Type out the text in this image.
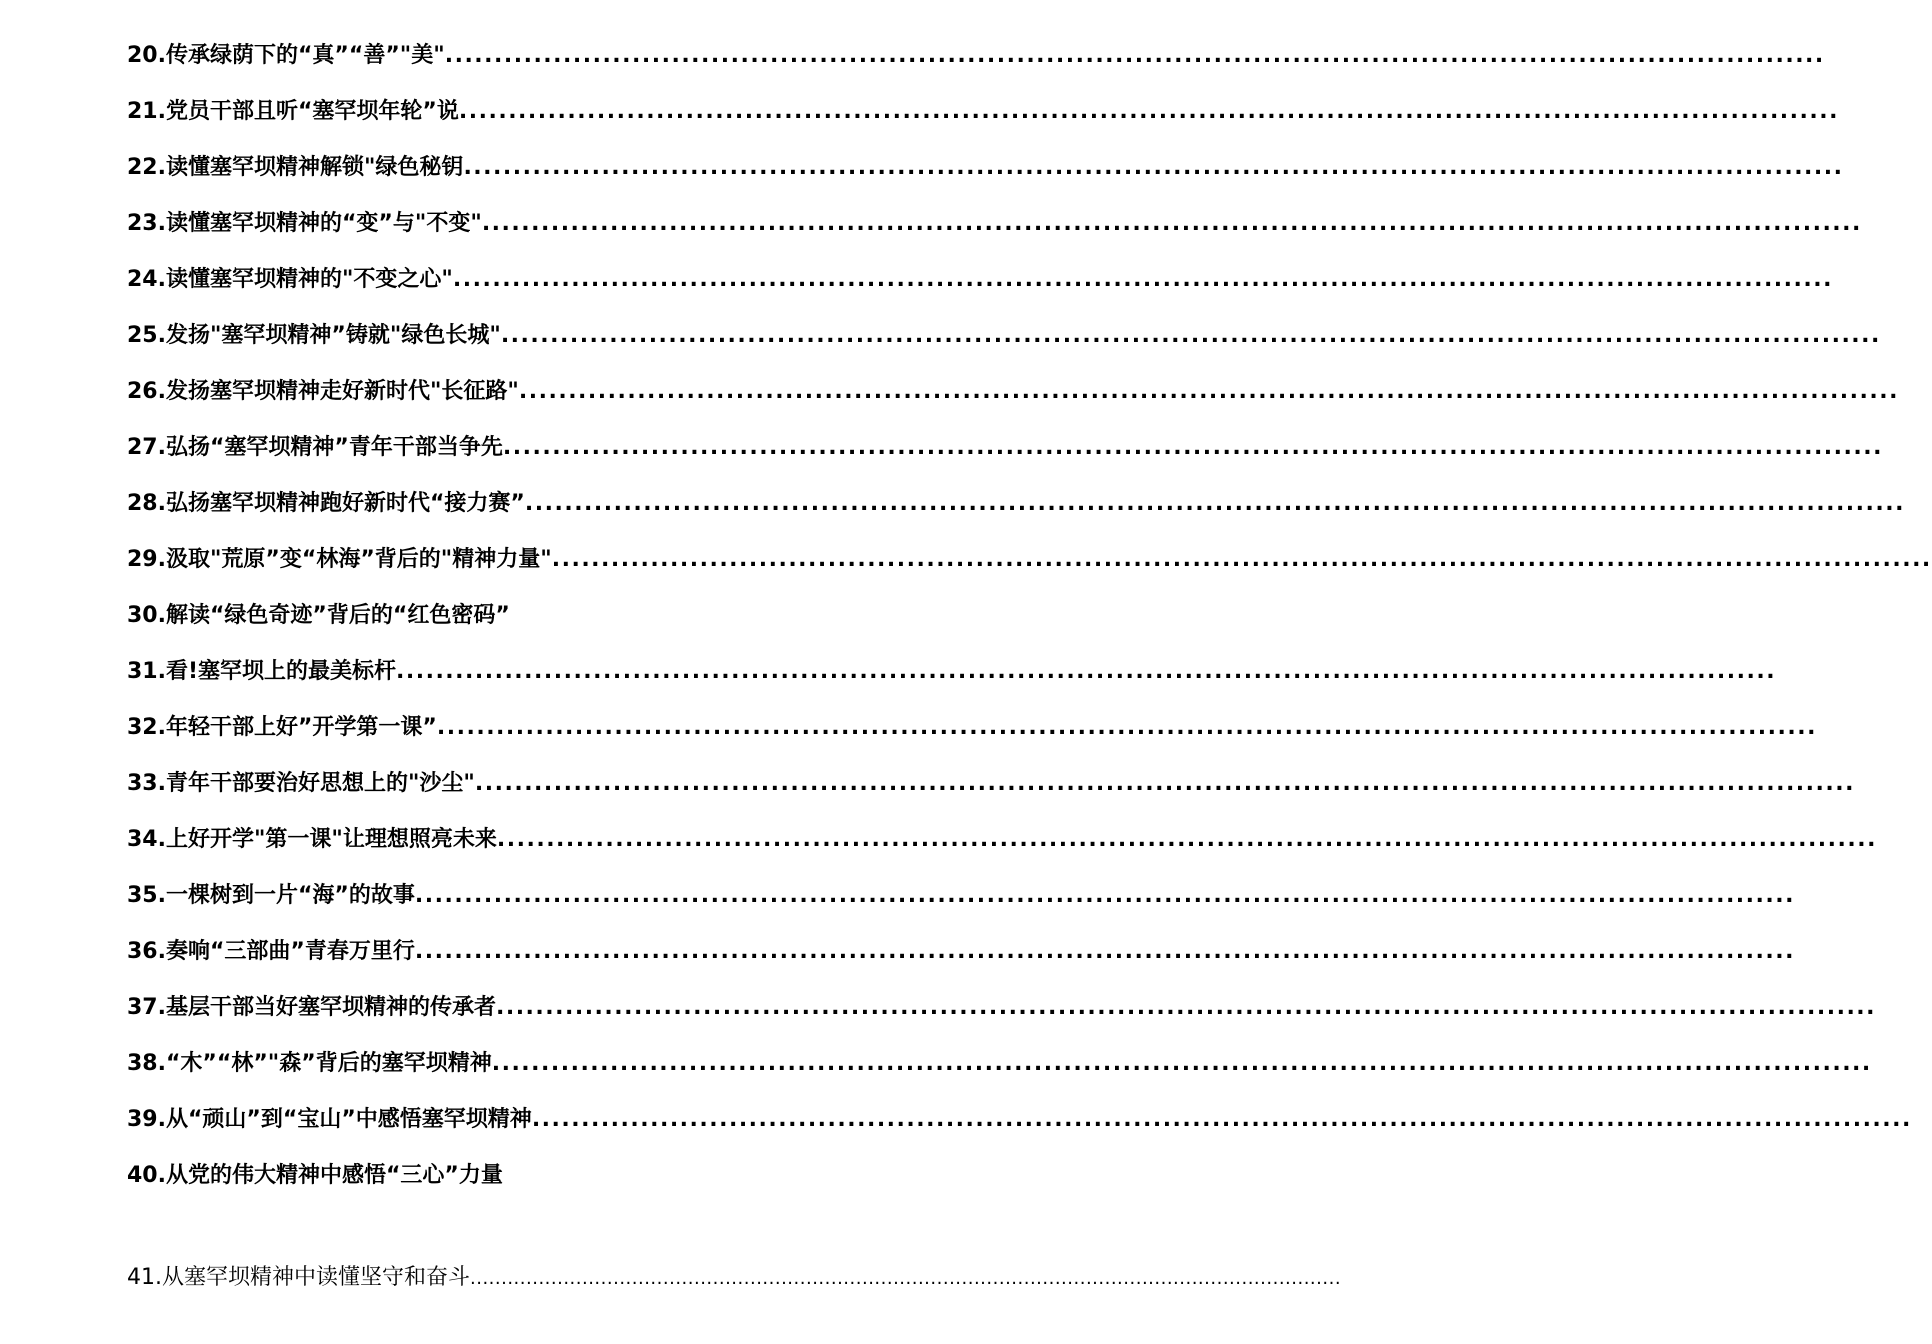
20.传承绿荫下的“真”“善”"美" ............................................................................................................................................
21.党员干部且听“塞罕坝年轮”说 ............................................................................................................................................
22.读懂塞罕坝精神解锁"绿色秘钥 ............................................................................................................................................
23.读懂塞罕坝精神的“变”与"不变" ............................................................................................................................................
24.读懂塞罕坝精神的"不变之心" ............................................................................................................................................
25.发扬"塞罕坝精神”铸就"绿色长城" ............................................................................................................................................
26.发扬塞罕坝精神走好新时代"长征路" ............................................................................................................................................
27.弘扬“塞罕坝精神”青年干部当争先 ............................................................................................................................................
28.弘扬塞罕坝精神跑好新时代“接力赛” ............................................................................................................................................
29.汲取"荒原”变“林海”背后的"精神力量" ............................................................................................................................................
30.解读“绿色奇迹”背后的“红色密码”
31.看!塞罕坝上的最美标杆 ............................................................................................................................................
32.年轻干部上好”开学第一课” ............................................................................................................................................
33.青年干部要治好思想上的"沙尘" ............................................................................................................................................
34.上好开学"第一课"让理想照亮未来 ............................................................................................................................................
35.一棵树到一片“海”的故事 ............................................................................................................................................
36.奏响“三部曲”青春万里行 ............................................................................................................................................
37.基层干部当好塞罕坝精神的传承者 ............................................................................................................................................
38.“木”“林”"森”背后的塞罕坝精神 ............................................................................................................................................
39.从“顽山”到“宝山”中感悟塞罕坝精神 ............................................................................................................................................
40.从党的伟大精神中感悟“三心”力量
41.从塞罕坝精神中读懂坚守和奋斗 ............................................................................................................................................
